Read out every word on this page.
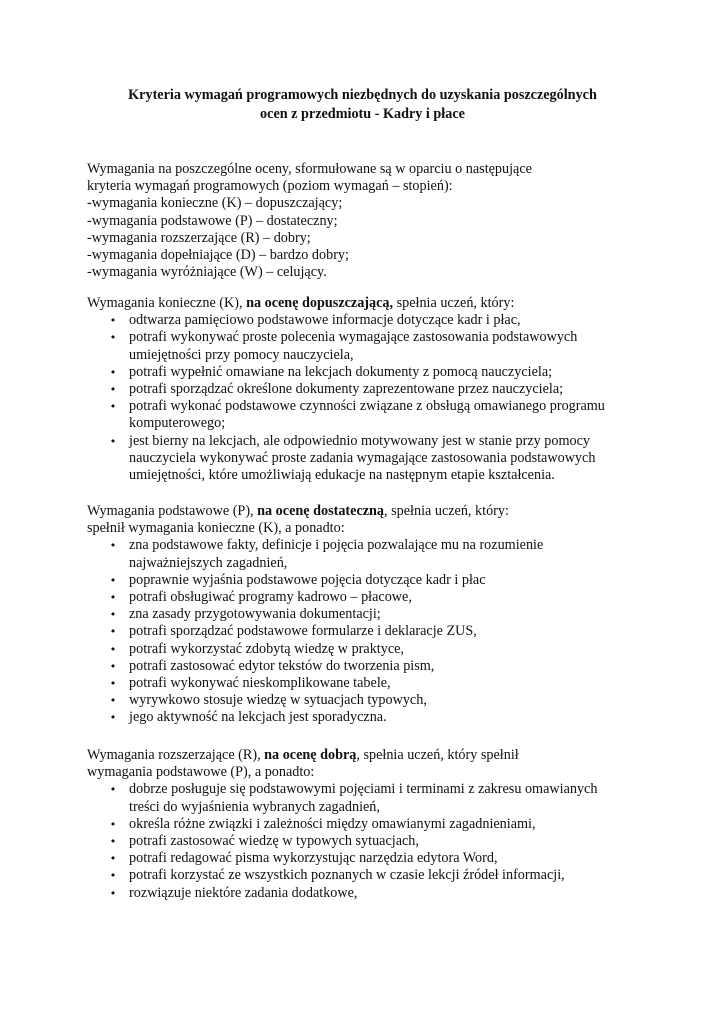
Kryteria wymagań programowych niezbędnych do uzyskania poszczególnych
ocen z przedmiotu - Kadry i płace
Wymagania na poszczególne oceny, sformułowane są w oparciu o następujące
kryteria wymagań programowych (poziom wymagań – stopień):
-wymagania konieczne (K) – dopuszczający;
-wymagania podstawowe (P) – dostateczny;
-wymagania rozszerzające (R) – dobry;
-wymagania dopełniające (D) – bardzo dobry;
-wymagania wyróżniające (W) – celujący.
Wymagania konieczne (K), na ocenę dopuszczającą, spełnia uczeń, który:
• odtwarza pamięciowo podstawowe informacje dotyczące kadr i płac,
• potrafi wykonywać proste polecenia wymagające zastosowania podstawowych
umiejętności przy pomocy nauczyciela,
• potrafi wypełnić omawiane na lekcjach dokumenty z pomocą nauczyciela;
• potrafi sporządzać określone dokumenty zaprezentowane przez nauczyciela;
• potrafi wykonać podstawowe czynności związane z obsługą omawianego programu
komputerowego;
• jest bierny na lekcjach, ale odpowiednio motywowany jest w stanie przy pomocy
nauczyciela wykonywać proste zadania wymagające zastosowania podstawowych
umiejętności, które umożliwiają edukacje na następnym etapie kształcenia.
Wymagania podstawowe (P), na ocenę dostateczną, spełnia uczeń, który:
spełnił wymagania konieczne (K), a ponadto:
• zna podstawowe fakty, definicje i pojęcia pozwalające mu na rozumienie
najważniejszych zagadnień,
• poprawnie wyjaśnia podstawowe pojęcia dotyczące kadr i płac
• potrafi obsługiwać programy kadrowo – płacowe,
• zna zasady przygotowywania dokumentacji;
• potrafi sporządzać podstawowe formularze i deklaracje ZUS,
• potrafi wykorzystać zdobytą wiedzę w praktyce,
• potrafi zastosować edytor tekstów do tworzenia pism,
• potrafi wykonywać nieskomplikowane tabele,
• wyrywkowo stosuje wiedzę w sytuacjach typowych,
• jego aktywność na lekcjach jest sporadyczna.
Wymagania rozszerzające (R), na ocenę dobrą, spełnia uczeń, który spełnił
wymagania podstawowe (P), a ponadto:
• dobrze posługuje się podstawowymi pojęciami i terminami z zakresu omawianych
treści do wyjaśnienia wybranych zagadnień,
• określa różne związki i zależności między omawianymi zagadnieniami,
• potrafi zastosować wiedzę w typowych sytuacjach,
• potrafi redagować pisma wykorzystując narzędzia edytora Word,
• potrafi korzystać ze wszystkich poznanych w czasie lekcji źródeł informacji,
• rozwiązuje niektóre zadania dodatkowe,
